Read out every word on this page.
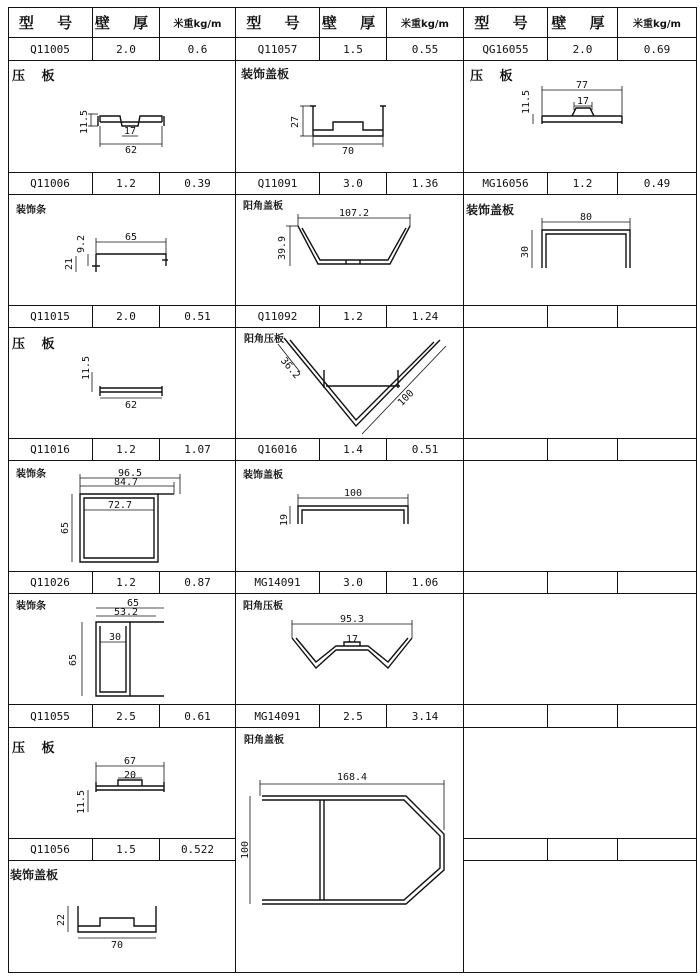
型 号 壁 厚	米重kg/m	型 号 壁 厚	米重kg/m	型 号 壁 厚	米重kg/m
Q11005	2.0	0.6	Q11057	1.5	0.55	QG16055	2.0	0.69
Q11006	1.2	0.39	Q11091	3.0	1.36	MG16056	1.2	0.49
Q11015	2.0	0.51	Q11092	1.2	1.24
Q11016	1.2	1.07	Q16016	1.4	0.51
Q11026	1.2	0.87	MG14091	3.0	1.06
Q11055	2.5	0.61	MG14091	2.5	3.14
Q11056	1.5	0.522
压 板	装饰盖板	压 板
装饰条	阳角盖板	装饰盖板
压 板	阳角压板
装饰条	装饰盖板
装饰条	阳角压板
压 板
阳角盖板
装饰盖板
11.5	17
62
27
70
77
17
11.5
65
9.2
21
107.2
39.9
80
30
11.5
62
36.2
100
96.5
84.7
72.7
65
100
19
65
53.2
30
65
95.3
17
67
20
11.5
168.4
100
22
70
